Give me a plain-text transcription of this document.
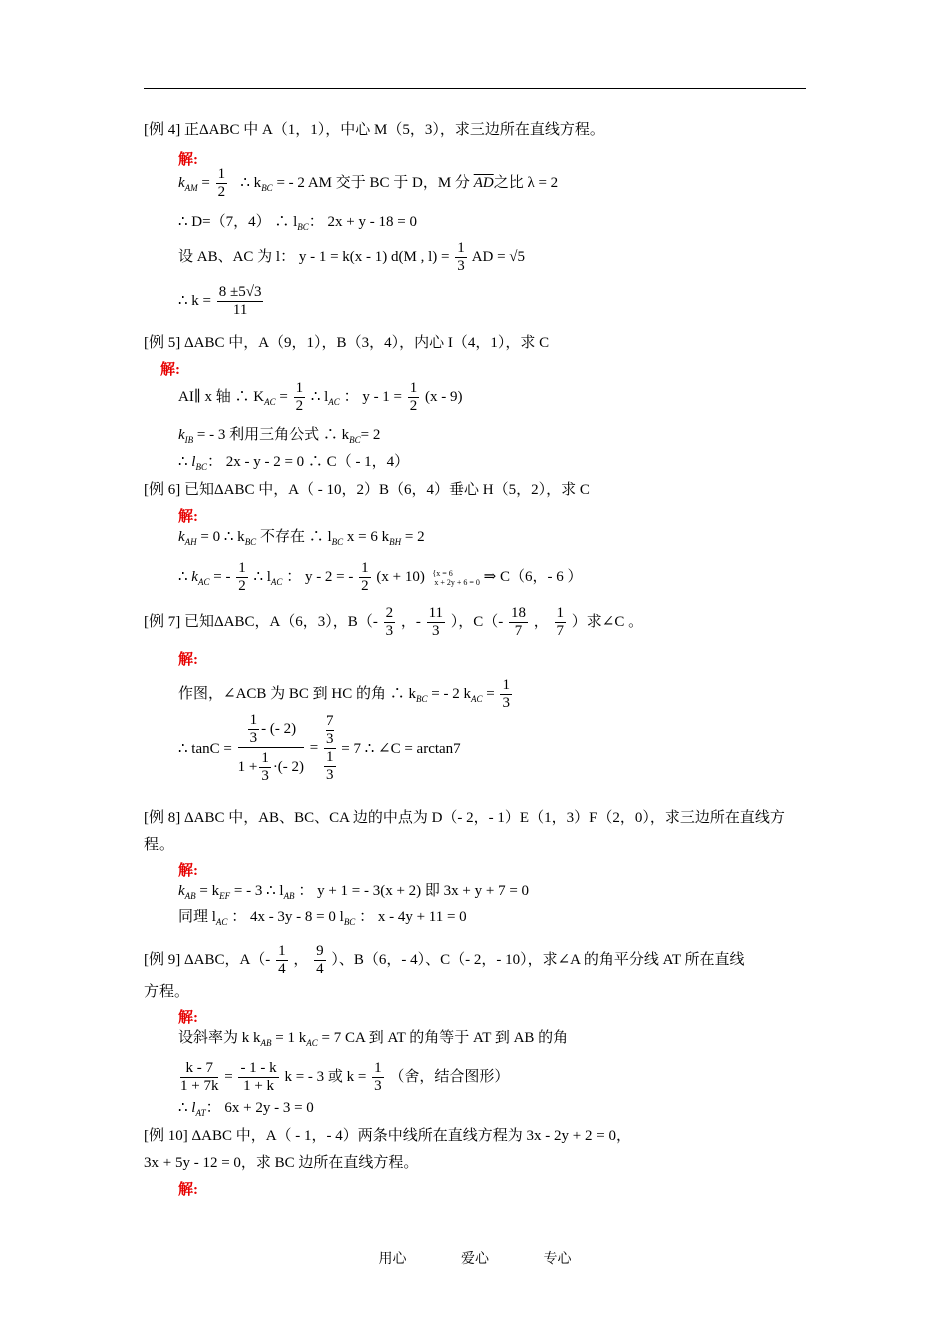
[例 4] 正ΔABC 中 A（1，1），中心 M（5，3），求三边所在直线方程。
解:
$k_{AM} = \frac{1}{2}$ ∴ $k_{BC}$ = - 2 AM 交于 BC 于 D，M 分 $\overline{AD}$之比 λ = 2
∴ D=（7，4） ∴ $l_{BC}$： 2x + y - 18 = 0
设 AB、AC 为 l： y - 1 = k(x - 1) d(M , $l) = \frac{1}{3}$ AD = √5
∴ $k = \frac{8 \pm 5√3}{11}$
[例 5] ΔABC 中，A（9，1），B（3，4），内心 I（4，1），求 C
解:
AI∥ x 轴 ∴ $K_{AC} = \frac{1}{2}$ ∴ $l_{AC}$ ： $y - 1 = \frac{1}{2} (x - 9)$
$k_{IB}$ = - 3 利用三角公式 ∴ $k_{BC}= 2$
∴ $l_{BC}$： 2x - y - 2 = 0 ∴ C（ - 1，4）
[例 6] 已知ΔABC 中，A（ - 10，2）B（6，4）垂心 H（5，2），求 C
解:
$k_{AH} = 0$ ∴ $k_{BC}$ 不存在 ∴ $l_{BC}$ x = 6 $k_{BH} = 2$
∴ $k_{AC}$ = - $\frac{1}{2}$ ∴ $l_{AC}$ ： y - 2 = - $\frac{1}{2} (x + 10) \{x = 6$
x + 2y + 6 = 0 ⇒ C（6，- 6 ）
[例 7] 已知ΔABC，A（6，3），$B(- \frac{2}{3}$ ，- $\frac{11}{3}$ ），$C(- \frac{18}{7}$ ， $\frac{1}{7}$ ）求∠C 。
解:
作图，∠ACB 为 BC 到 HC 的角 ∴ $k_{BC}$ = - 2 $k_{AC} = \frac{1}{3}$
∴ $\tan C = \frac{\frac{1}{3} - (- 2)}{1 + \frac{1}{3} \cdot(- 2)} = 7$
3
1
3 = 7 ∴ ∠C = arctan7
[例 8] ΔABC 中，AB、BC、CA 边的中点为 D（- 2，- 1）E（1，3）F（2，0），求三边所在直线方
程。
解:
$k_{AB} = k_{EF}$ = - 3 ∴ $l_{AB}$ ： y + 1 = - 3(x + 2) 即 3x + y + 7 = 0
同理 $l_{AC}$ ： 4x - 3y - 8 = 0 $l_{BC}$ ： x - 4y + 11 = 0
[例 9] ΔABC，$A(- \frac{1}{4}$ ， $\frac{9}{4}$ ）、B（6，- 4）、C（- 2，- 10），求∠A 的角平分线 AT 所在直线
方程。
解:
设斜率为 k $k_{AB} = 1$ $k_{AC} = 7$ CA 到 AT 的角等于 AT 到 AB 的角
$\frac{k - 7}{1 + 7k} = \frac{- 1 - k}{1 + k}$ k = - 3 或 $k = \frac{1}{3}$ （舍，结合图形）
∴ $l_{AT}$： 6x + 2y - 3 = 0
[例 10] ΔABC 中，A（ - 1，- 4）两条中线所在直线方程为 3x - 2y + 2 = 0，
3x + 5y - 12 = 0，求 BC 边所在直线方程。
解:
用心	爱心	专心
